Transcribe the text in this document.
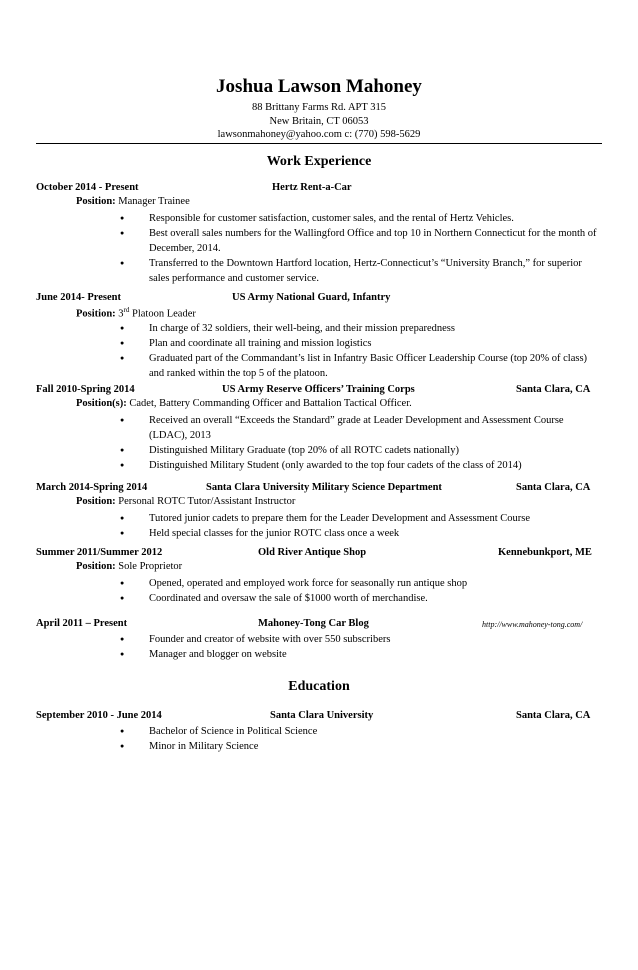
Joshua Lawson Mahoney
88 Brittany Farms Rd. APT 315
New Britain, CT 06053
lawsonmahoney@yahoo.com c: (770) 598-5629
Work Experience
October 2014 - Present	Hertz Rent-a-Car
Position: Manager Trainee
● Responsible for customer satisfaction, customer sales, and the rental of Hertz Vehicles.
● Best overall sales numbers for the Wallingford Office and top 10 in Northern Connecticut for the month of December, 2014.
● Transferred to the Downtown Hartford location, Hertz-Connecticut’s “University Branch,” for superior sales performance and customer service.
June 2014- Present	US Army National Guard, Infantry
Position: 3rd Platoon Leader
● In charge of 32 soldiers, their well-being, and their mission preparedness
● Plan and coordinate all training and mission logistics
● Graduated part of the Commandant’s list in Infantry Basic Officer Leadership Course (top 20% of class) and ranked within the top 5 of the platoon.
Fall 2010-Spring 2014	US Army Reserve Officers’ Training Corps	Santa Clara, CA
Position(s): Cadet, Battery Commanding Officer and Battalion Tactical Officer.
● Received an overall “Exceeds the Standard” grade at Leader Development and Assessment Course (LDAC), 2013
● Distinguished Military Graduate (top 20% of all ROTC cadets nationally)
● Distinguished Military Student (only awarded to the top four cadets of the class of 2014)
March 2014-Spring 2014	Santa Clara University Military Science Department	Santa Clara, CA
Position: Personal ROTC Tutor/Assistant Instructor
● Tutored junior cadets to prepare them for the Leader Development and Assessment Course
● Held special classes for the junior ROTC class once a week
Summer 2011/Summer 2012	Old River Antique Shop	Kennebunkport, ME
Position: Sole Proprietor
● Opened, operated and employed work force for seasonally run antique shop
● Coordinated and oversaw the sale of $1000 worth of merchandise.
April 2011 – Present	Mahoney-Tong Car Blog	http://www.mahoney-tong.com/
● Founder and creator of website with over 550 subscribers
● Manager and blogger on website
Education
September 2010 - June 2014	Santa Clara University	Santa Clara, CA
● Bachelor of Science in Political Science
● Minor in Military Science
